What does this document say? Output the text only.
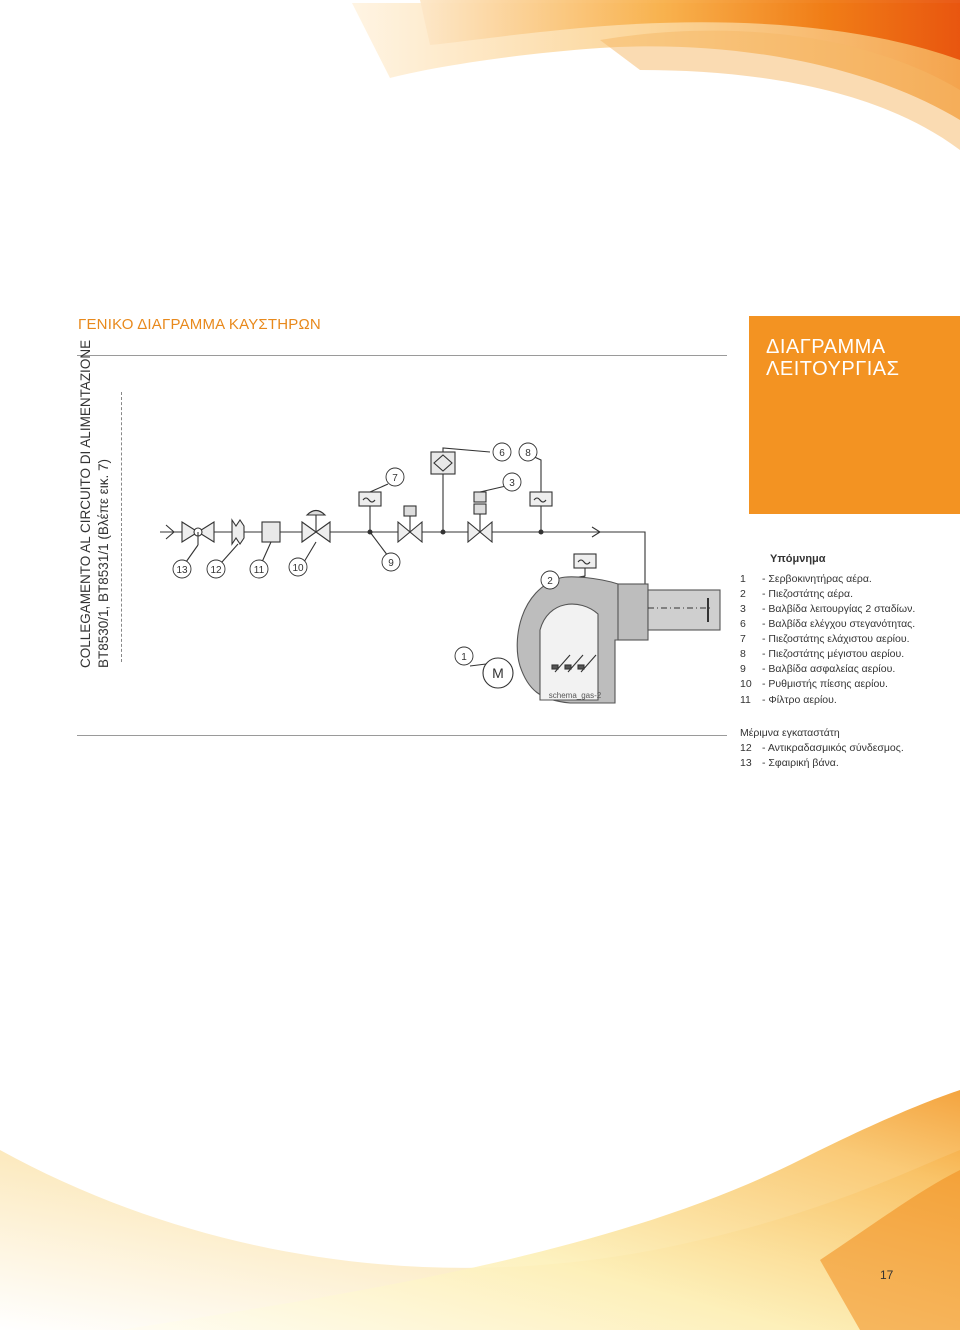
ΓΕΝΙΚΟ ΔΙΑΓΡΑΜΜΑ ΚΑΥΣΤΗΡΩΝ
ΔΙΑΓΡΑΜΜΑ ΛΕΙΤΟΥΡΓΙΑΣ
COLLEGAMENTO AL CIRCUITO DI ALIMENTAZIONE BT8530/1, BT8531/1 (Βλέπε εικ. 7)	13 12	11	10	9
7
6 8
3
2
1
M
schema_gas-2
Υπόμνημα
1 - Σερβοκινητήρας αέρα.
2 - Πιεζοστάτης αέρα.
3 - Βαλβίδα λειτουργίας 2 σταδίων.
6 - Βαλβίδα ελέγχου στεγανότητας.
7 - Πιεζοστάτης ελάχιστου αερίου.
8 - Πιεζοστάτης μέγιστου αερίου.
9 - Βαλβίδα ασφαλείας αερίου.
10 - Ρυθμιστής πίεσης αερίου.
11 - Φίλτρο αερίου.
Μέριμνα εγκαταστάτη
12 - Αντικραδασμικός σύνδεσμος.
13 - Σφαιρική βάνα.
17
